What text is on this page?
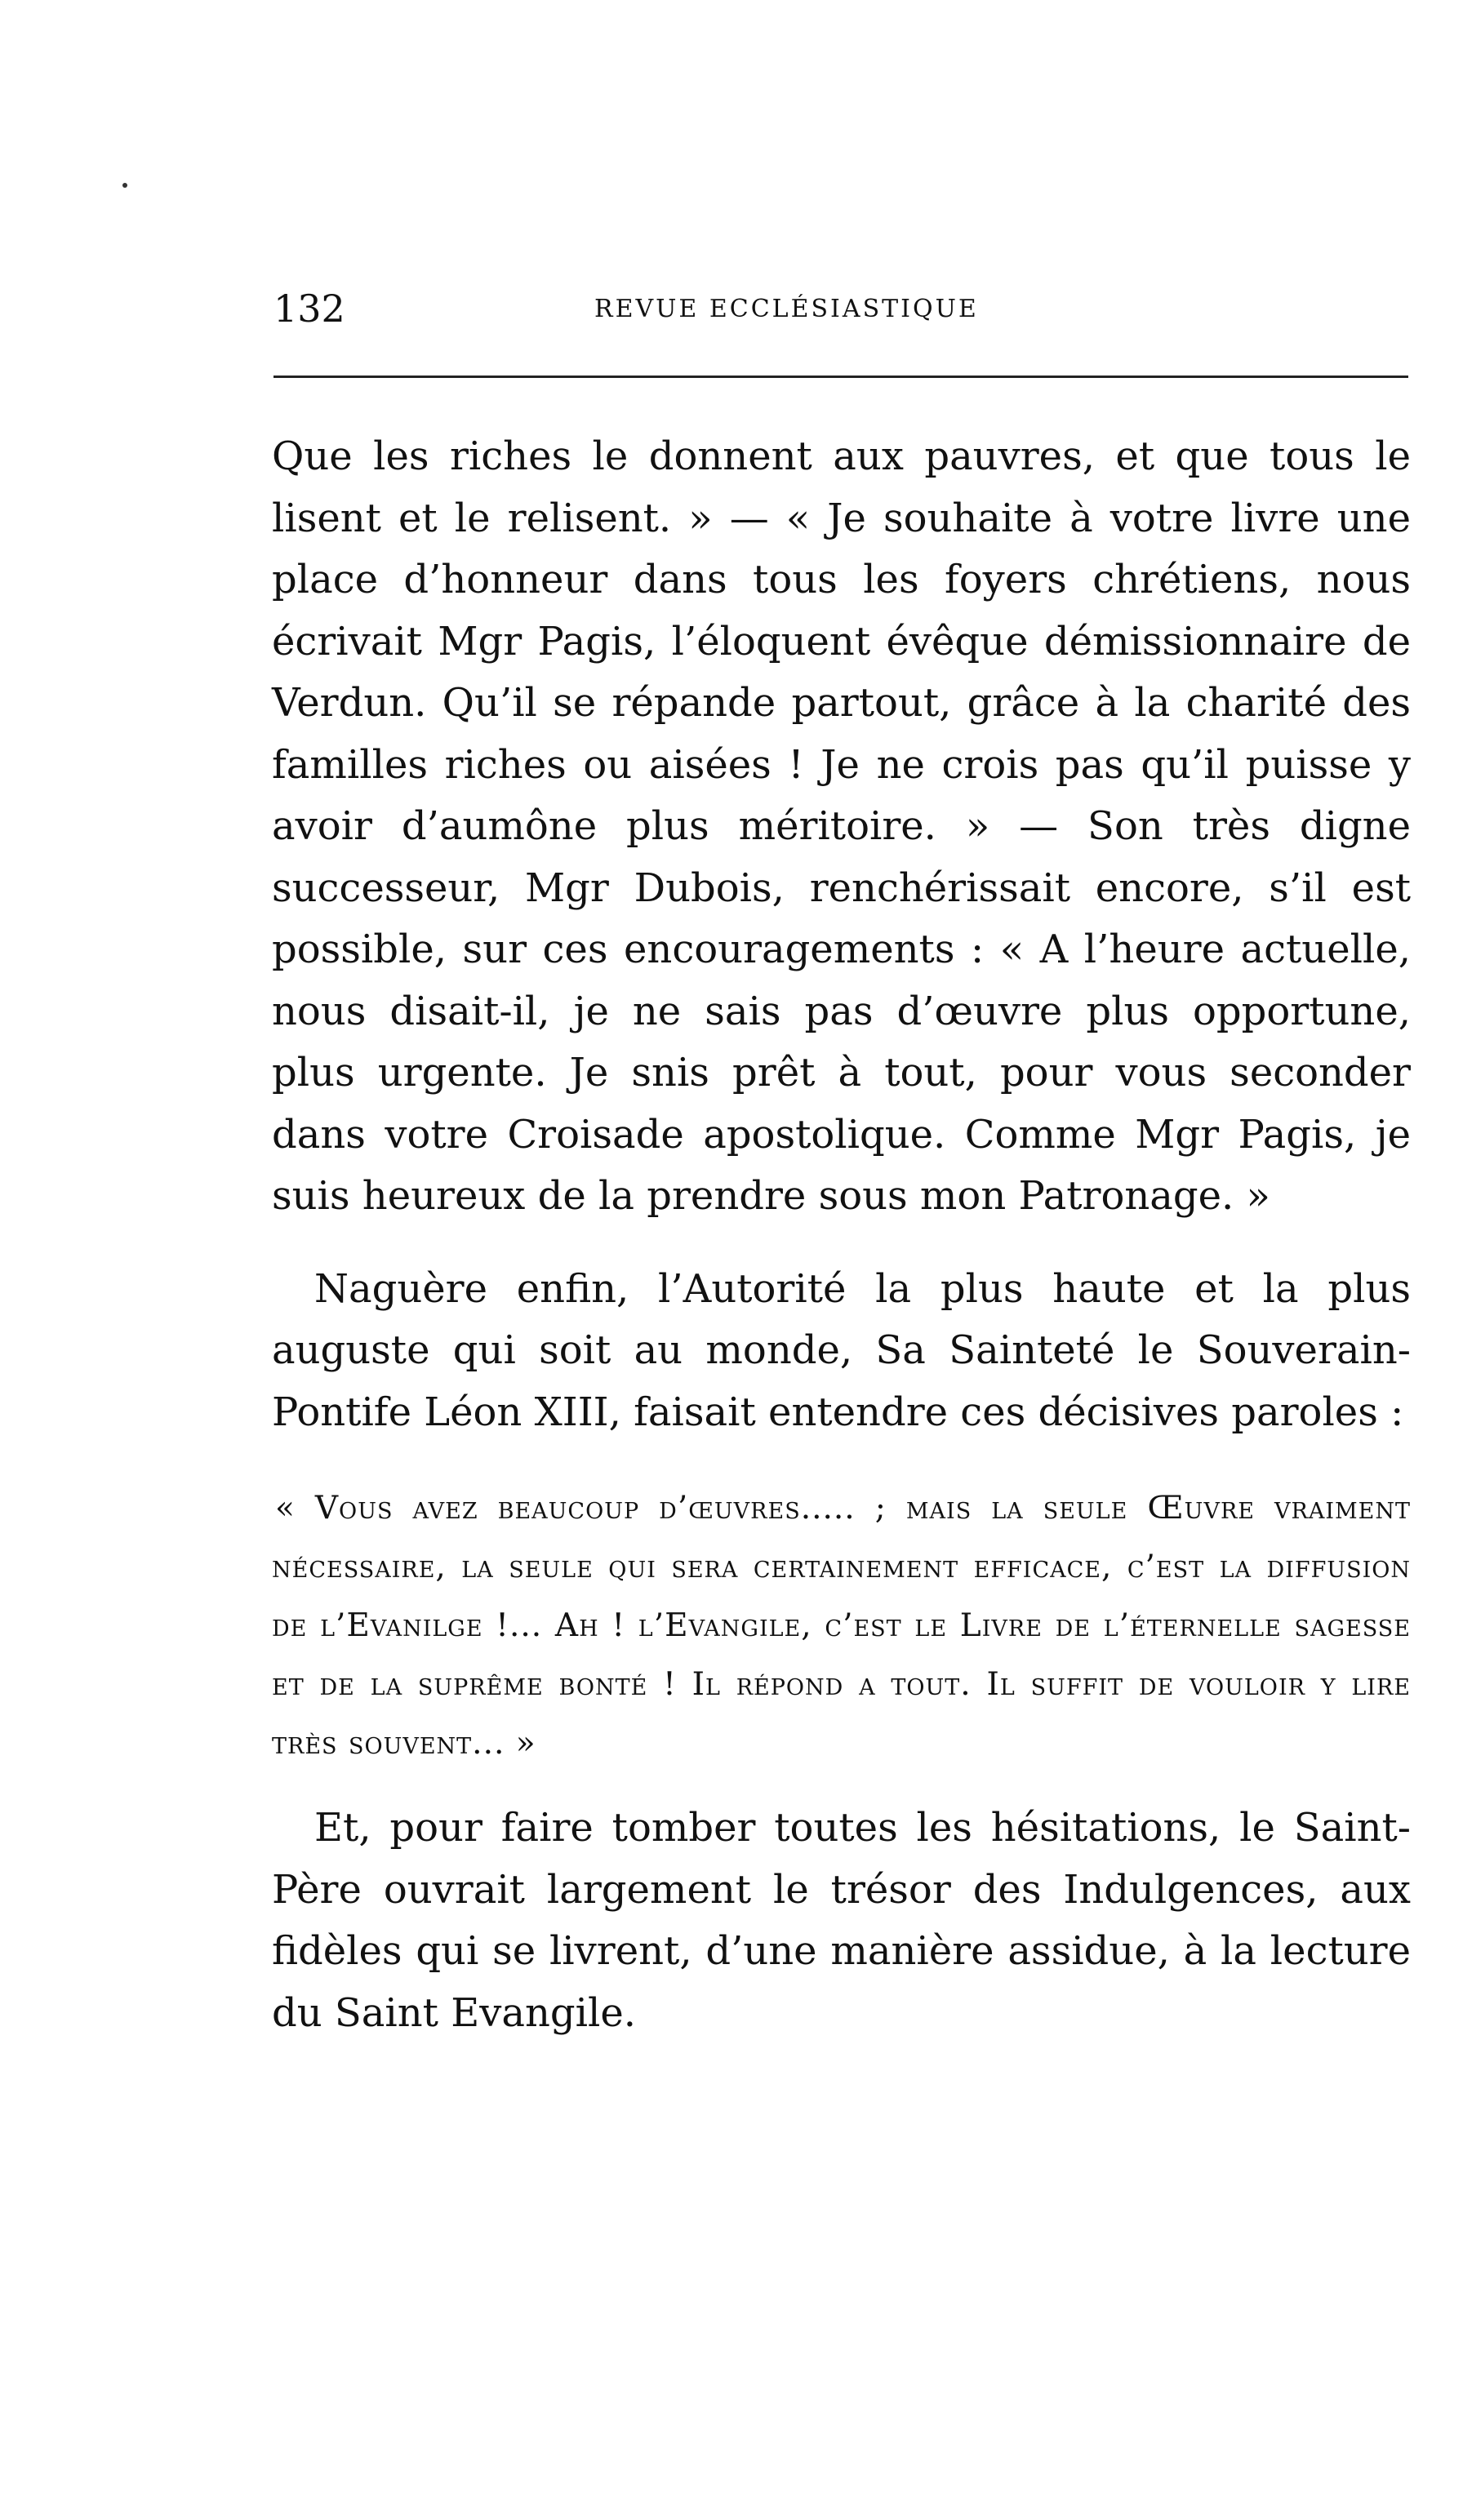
132	REVUE ECCLÉSIASTIQUE

Que les riches le donnent aux pauvres, et que tous le lisent et le relisent. » — « Je souhaite à votre livre une place d’honneur dans tous les foyers chrétiens, nous écrivait Mgr Pagis, l’éloquent évêque démissionnaire de Verdun. Qu’il se répande partout, grâce à la charité des familles riches ou aisées ! Je ne crois pas qu’il puisse y avoir d’aumône plus méritoire. » — Son très digne successeur, Mgr Dubois, renchérissait encore, s’il est possible, sur ces encouragements : « A l’heure actuelle, nous disait-il, je ne sais pas d’œuvre plus opportune, plus urgente. Je snis prêt à tout, pour vous seconder dans votre Croisade apostolique. Comme Mgr Pagis, je suis heureux de la prendre sous mon Patronage. »

Naguère enfin, l’Autorité la plus haute et la plus auguste qui soit au monde, Sa Sainteté le Souverain-Pontife Léon XIII, faisait entendre ces décisives paroles :

« Vous avez beaucoup d’œuvres..... ; mais la seule Œuvre vraiment nécessaire, la seule qui sera certainement efficace, c’est la diffusion de l’Evanilge !... Ah ! l’Evangile, c’est le Livre de l’éternelle sagesse et de la suprême bonté ! Il répond a tout. Il suffit de vouloir y lire très souvent... »

Et, pour faire tomber toutes les hésitations, le Saint-Père ouvrait largement le trésor des Indulgences, aux fidèles qui se livrent, d’une manière assidue, à la lecture du Saint Evangile.
